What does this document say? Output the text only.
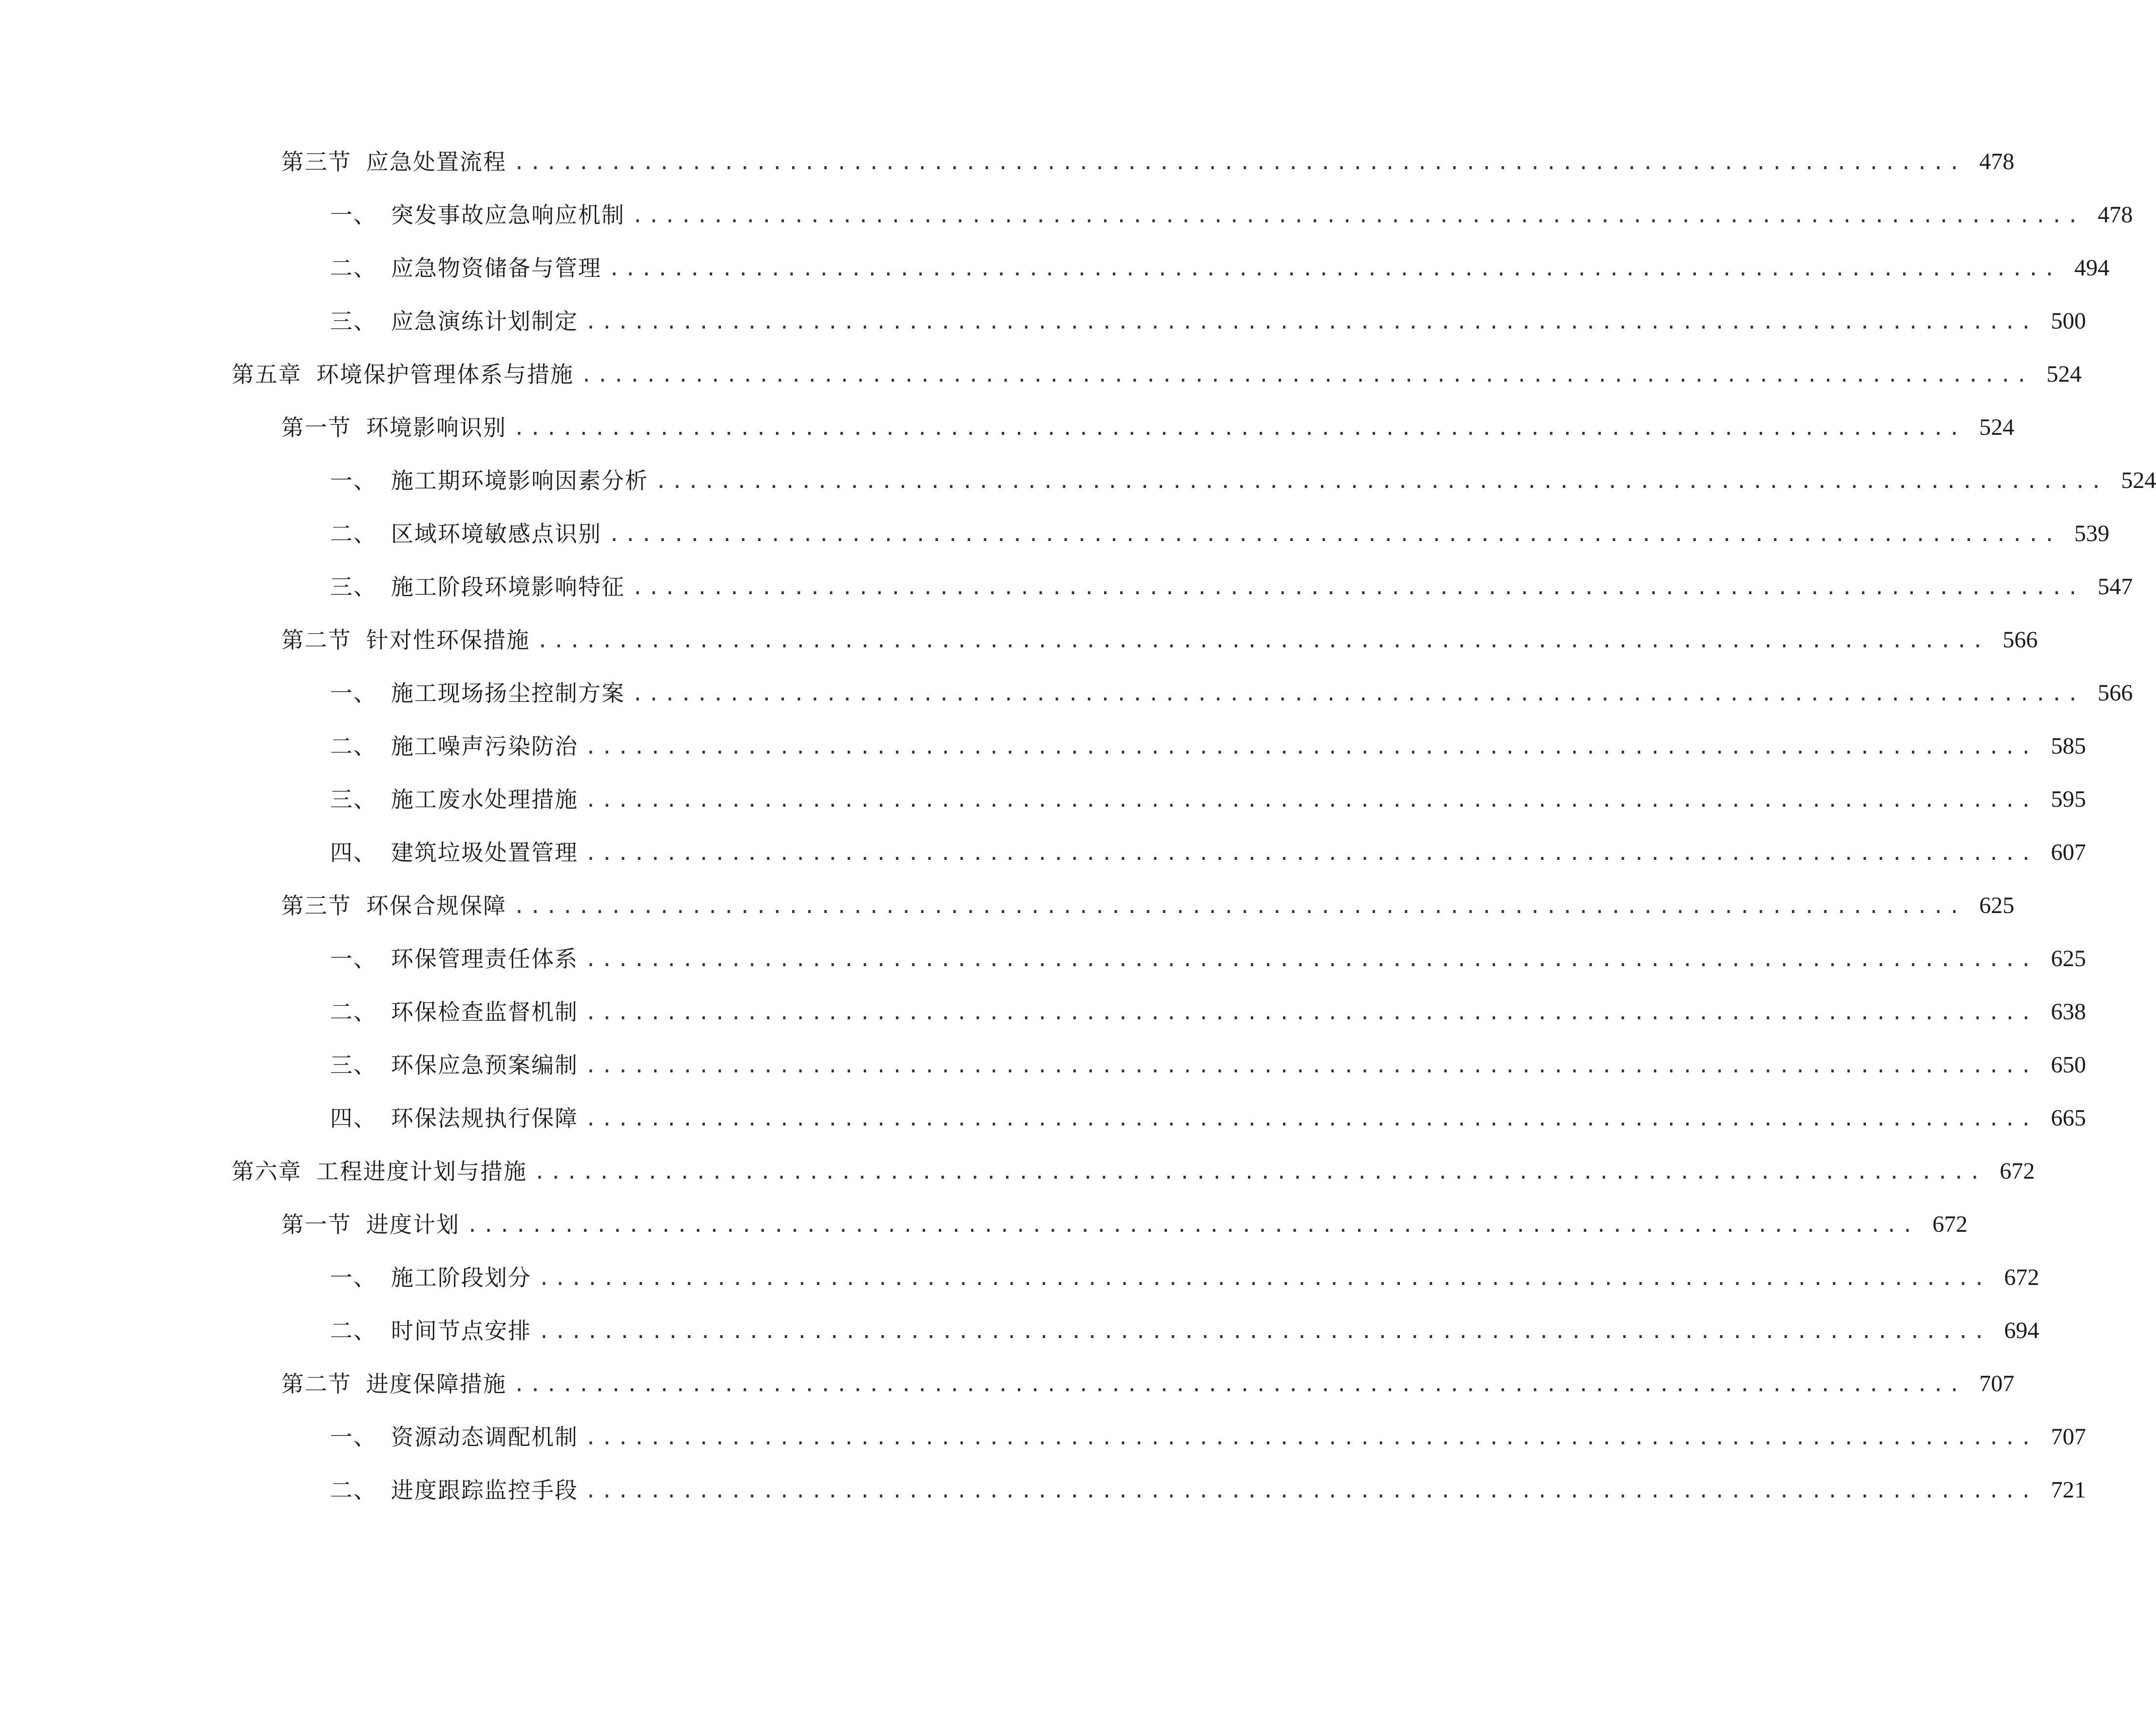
第三节 应急处置流程 .......................................................................................... 478
一、 突发事故应急响应机制 .......................................................................................... 478
二、 应急物资储备与管理 .......................................................................................... 494
三、 应急演练计划制定 .......................................................................................... 500
第五章 环境保护管理体系与措施 .......................................................................................... 524
第一节 环境影响识别 .......................................................................................... 524
一、 施工期环境影响因素分析 .......................................................................................... 524
二、 区域环境敏感点识别 .......................................................................................... 539
三、 施工阶段环境影响特征 .......................................................................................... 547
第二节 针对性环保措施 .......................................................................................... 566
一、 施工现场扬尘控制方案 .......................................................................................... 566
二、 施工噪声污染防治 .......................................................................................... 585
三、 施工废水处理措施 .......................................................................................... 595
四、 建筑垃圾处置管理 .......................................................................................... 607
第三节 环保合规保障 .......................................................................................... 625
一、 环保管理责任体系 .......................................................................................... 625
二、 环保检查监督机制 .......................................................................................... 638
三、 环保应急预案编制 .......................................................................................... 650
四、 环保法规执行保障 .......................................................................................... 665
第六章 工程进度计划与措施 .......................................................................................... 672
第一节 进度计划 .......................................................................................... 672
一、 施工阶段划分 .......................................................................................... 672
二、 时间节点安排 .......................................................................................... 694
第二节 进度保障措施 .......................................................................................... 707
一、 资源动态调配机制 .......................................................................................... 707
二、 进度跟踪监控手段 .......................................................................................... 721
